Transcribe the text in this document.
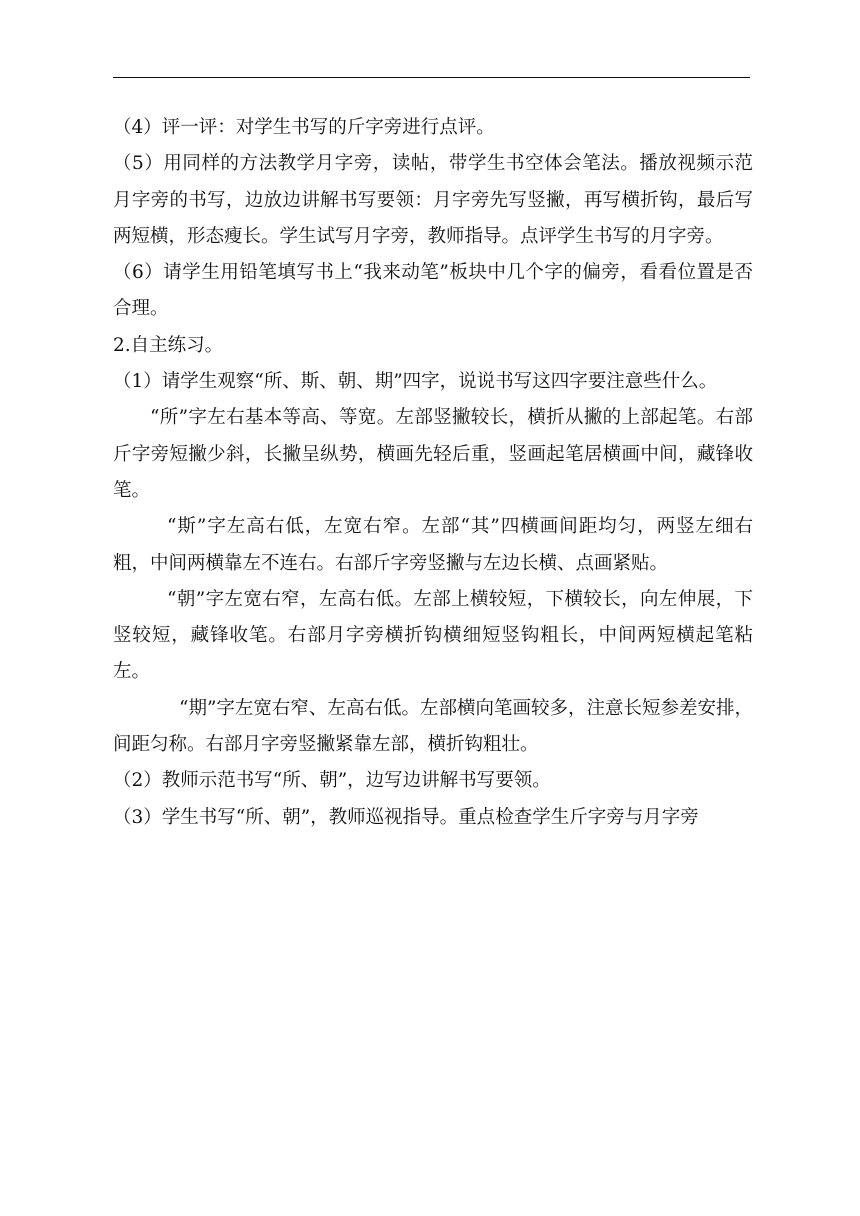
（4）评一评：对学生书写的斤字旁进行点评。

（5）用同样的方法教学月字旁，读帖，带学生书空体会笔法。播放视频示范月字旁的书写，边放边讲解书写要领：月字旁先写竖撇，再写横折钩，最后写两短横，形态瘦长。学生试写月字旁，教师指导。点评学生书写的月字旁。

（6）请学生用铅笔填写书上“我来动笔”板块中几个字的偏旁，看看位置是否合理。

2.自主练习。

（1）请学生观察“所、斯、朝、期”四字，说说书写这四字要注意些什么。

“所”字左右基本等高、等宽。左部竖撇较长，横折从撇的上部起笔。右部斤字旁短撇少斜，长撇呈纵势，横画先轻后重，竖画起笔居横画中间，藏锋收笔。

“斯”字左高右低，左宽右窄。左部“其”四横画间距均匀，两竖左细右粗，中间两横靠左不连右。右部斤字旁竖撇与左边长横、点画紧贴。

“朝”字左宽右窄，左高右低。左部上横较短，下横较长，向左伸展，下竖较短，藏锋收笔。右部月字旁横折钩横细短竖钩粗长，中间两短横起笔粘左。

“期”字左宽右窄、左高右低。左部横向笔画较多，注意长短参差安排，间距匀称。右部月字旁竖撇紧靠左部，横折钩粗壮。

（2）教师示范书写“所、朝”，边写边讲解书写要领。

（3）学生书写“所、朝”，教师巡视指导。重点检查学生斤字旁与月字旁
